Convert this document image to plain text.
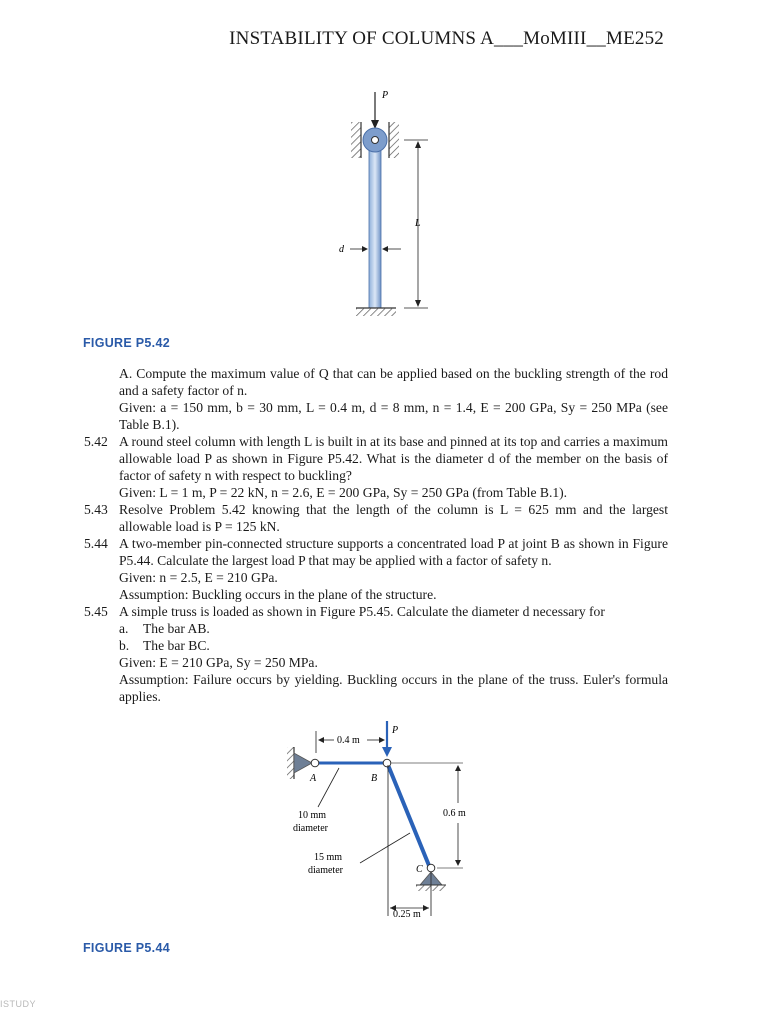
INSTABILITY OF COLUMNS A___MoMIII__ME252
P
L
d
FIGURE P5.42

A. Compute the maximum value of Q that can be applied based on the buckling strength of the rod and a safety factor of n.

Given: a = 150 mm, b = 30 mm, L = 0.4 m, d = 8 mm, n = 1.4, E = 200 GPa, Sy = 250 MPa (see Table B.1).

5.42 A round steel column with length L is built in at its base and pinned at its top and carries a maximum allowable load P as shown in Figure P5.42. What is the diameter d of the member on the basis of factor of safety n with respect to buckling?

Given: L = 1 m, P = 22 kN, n = 2.6, E = 200 GPa, Sy = 250 GPa (from Table B.1).

5.43 Resolve Problem 5.42 knowing that the length of the column is L = 625 mm and the largest allowable load is P = 125 kN.
5.44 A two-member pin-connected structure supports a concentrated load P at joint B as shown in Figure P5.44. Calculate the largest load P that may be applied with a factor of safety n.

Given: n = 2.5, E = 210 GPa.

Assumption: Buckling occurs in the plane of the structure.

5.45 A simple truss is loaded as shown in Figure P5.45. Calculate the diameter d necessary for
a. The bar AB.
b. The bar BC.

Given: E = 210 GPa, Sy = 250 MPa.

Assumption: Failure occurs by yielding. Buckling occurs in the plane of the truss. Euler's formula applies.

P
A	B
C
0.4 m
0.6 m
0.25 m
10 mm
diameter
15 mm
diameter
FIGURE P5.44
ISTUDY
